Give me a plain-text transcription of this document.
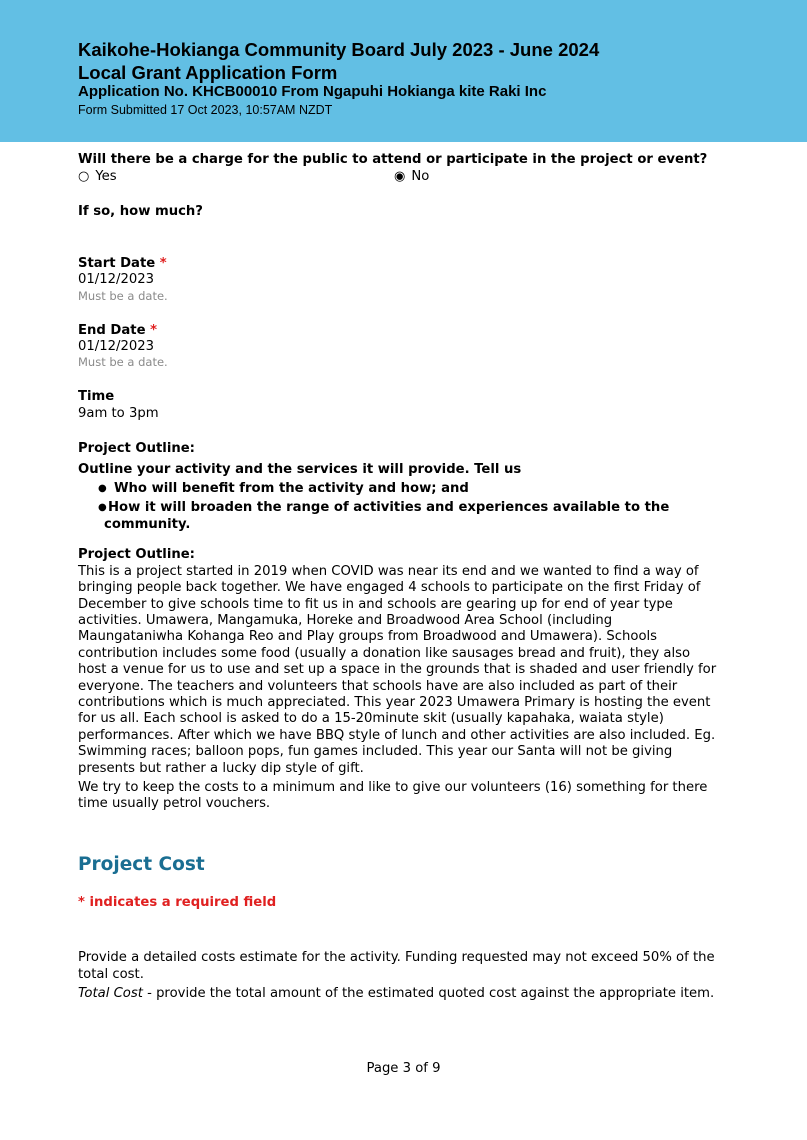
Kaikohe-Hokianga Community Board July 2023 - June 2024
Local Grant Application Form
Application No. KHCB00010 From Ngapuhi Hokianga kite Raki Inc
Form Submitted 17 Oct 2023, 10:57AM NZDT

Will there be a charge for the public to attend or participate in the project or event?

○ Yes	◉ No

If so, how much?

Start Date *

01/12/2023

Must be a date.

End Date *

01/12/2023

Must be a date.

Time

9am to 3pm

Project Outline:

Outline your activity and the services it will provide. Tell us

● Who will benefit from the activity and how; and
● How it will broaden the range of activities and experiences available to the community.

Project Outline:

This is a project started in 2019 when COVID was near its end and we wanted to find a way of bringing people back together. We have engaged 4 schools to participate on the first Friday of December to give schools time to fit us in and schools are gearing up for end of year type activities. Umawera, Mangamuka, Horeke and Broadwood Area School (including Maungataniwha Kohanga Reo and Play groups from Broadwood and Umawera). Schools contribution includes some food (usually a donation like sausages bread and fruit), they also host a venue for us to use and set up a space in the grounds that is shaded and user friendly for everyone. The teachers and volunteers that schools have are also included as part of their contributions which is much appreciated. This year 2023 Umawera Primary is hosting the event for us all. Each school is asked to do a 15-20minute skit (usually kapahaka, waiata style) performances. After which we have BBQ style of lunch and other activities are also included. Eg. Swimming races; balloon pops, fun games included. This year our Santa will not be giving presents but rather a lucky dip style of gift.

We try to keep the costs to a minimum and like to give our volunteers (16) something for there time usually petrol vouchers.

Project Cost

* indicates a required field

Provide a detailed costs estimate for the activity. Funding requested may not exceed 50% of the total cost.

Total Cost - provide the total amount of the estimated quoted cost against the appropriate item.

Page 3 of 9
